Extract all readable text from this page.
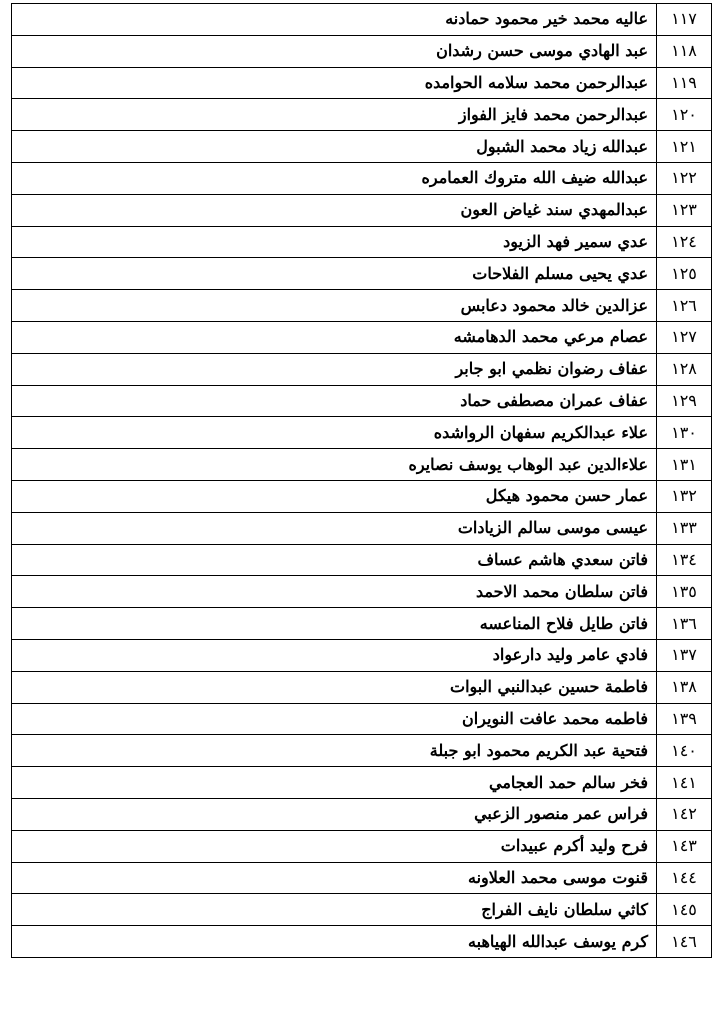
١١٧	عاليه محمد خير محمود حمادنه
١١٨	عبد الهادي موسى حسن رشدان
١١٩	عبدالرحمن محمد سلامه الحوامده
١٢٠	عبدالرحمن محمد فايز الفواز
١٢١	عبدالله زياد محمد الشبول
١٢٢	عبدالله ضيف الله متروك العمامره
١٢٣	عبدالمهدي سند غياض العون
١٢٤	عدي سمير فهد الزيود
١٢٥	عدي يحيى مسلم الفلاحات
١٢٦	عزالدين خالد محمود دعابس
١٢٧	عصام مرعي محمد الدهامشه
١٢٨	عفاف رضوان نظمي ابو جابر
١٢٩	عفاف عمران مصطفى حماد
١٣٠	علاء عبدالكريم سفهان الرواشده
١٣١	علاءالدين عبد الوهاب يوسف نصايره
١٣٢	عمار حسن محمود هيكل
١٣٣	عيسى موسى سالم الزيادات
١٣٤	فاتن سعدي هاشم عساف
١٣٥	فاتن سلطان محمد الاحمد
١٣٦	فاتن طايل فلاح المناعسه
١٣٧	فادي عامر وليد دارعواد
١٣٨	فاطمة حسين عبدالنبي البوات
١٣٩	فاطمه محمد عافت النويران
١٤٠	فتحية عبد الكريم محمود ابو جبلة
١٤١	فخر سالم حمد العجامي
١٤٢	فراس عمر منصور الزعبي
١٤٣	فرح وليد أكرم عبيدات
١٤٤	قنوت موسى محمد العلاونه
١٤٥	كاثي سلطان نايف الفراج
١٤٦	كرم يوسف عبدالله الهياهبه
